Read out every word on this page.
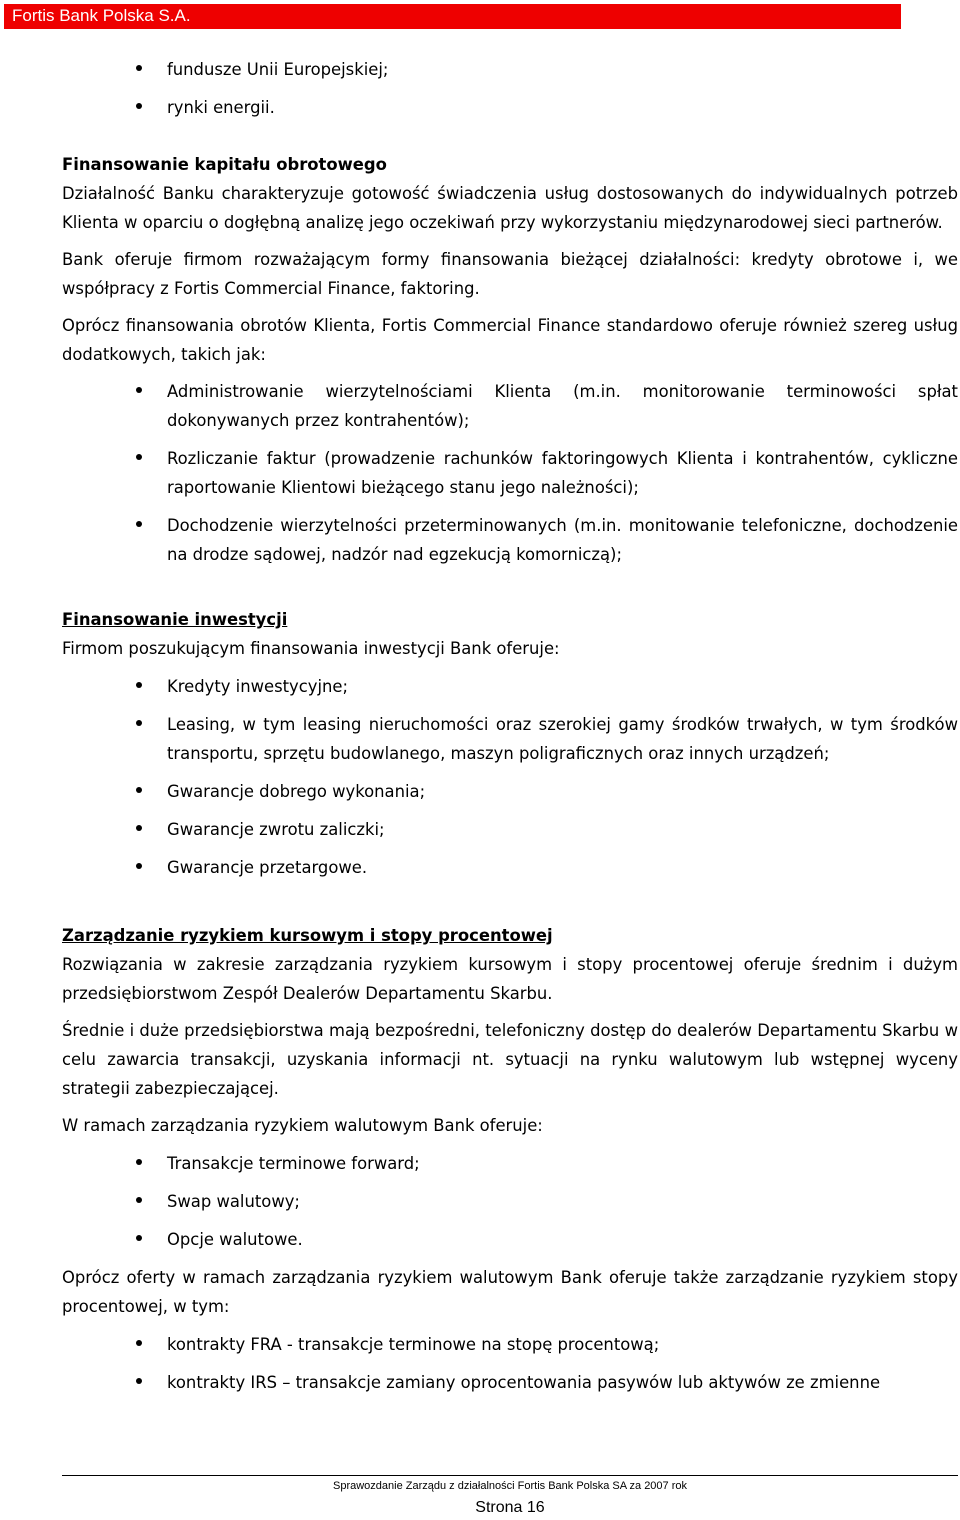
Fortis Bank Polska S.A.
fundusze Unii Europejskiej;
rynki energii.

Finansowanie kapitału obrotowego

Działalność Banku charakteryzuje gotowość świadczenia usług dostosowanych do indywidualnych potrzeb Klienta w oparciu o dogłębną analizę jego oczekiwań przy wykorzystaniu międzynarodowej sieci partnerów.

Bank oferuje firmom rozważającym formy finansowania bieżącej działalności: kredyty obrotowe i, we współpracy z Fortis Commercial Finance, faktoring.

Oprócz finansowania obrotów Klienta, Fortis Commercial Finance standardowo oferuje również szereg usług dodatkowych, takich jak:

Administrowanie wierzytelnościami Klienta (m.in. monitorowanie terminowości spłat dokonywanych przez kontrahentów);
Rozliczanie faktur (prowadzenie rachunków faktoringowych Klienta i kontrahentów, cykliczne raportowanie Klientowi bieżącego stanu jego należności);
Dochodzenie wierzytelności przeterminowanych (m.in. monitowanie telefoniczne, dochodzenie na drodze sądowej, nadzór nad egzekucją komorniczą);

Finansowanie inwestycji

Firmom poszukującym finansowania inwestycji Bank oferuje:

Kredyty inwestycyjne;
Leasing, w tym leasing nieruchomości oraz szerokiej gamy środków trwałych, w tym środków transportu, sprzętu budowlanego, maszyn poligraficznych oraz innych urządzeń;
Gwarancje dobrego wykonania;
Gwarancje zwrotu zaliczki;
Gwarancje przetargowe.

Zarządzanie ryzykiem kursowym i stopy procentowej

Rozwiązania w zakresie zarządzania ryzykiem kursowym i stopy procentowej oferuje średnim i dużym przedsiębiorstwom Zespół Dealerów Departamentu Skarbu.

Średnie i duże przedsiębiorstwa mają bezpośredni, telefoniczny dostęp do dealerów Departamentu Skarbu w celu zawarcia transakcji, uzyskania informacji nt. sytuacji na rynku walutowym lub wstępnej wyceny strategii zabezpieczającej.

W ramach zarządzania ryzykiem walutowym Bank oferuje:

Transakcje terminowe forward;
Swap walutowy;
Opcje walutowe.

Oprócz oferty w ramach zarządzania ryzykiem walutowym Bank oferuje także zarządzanie ryzykiem stopy procentowej, w tym:

kontrakty FRA - transakcje terminowe na stopę procentową;
kontrakty IRS – transakcje zamiany oprocentowania pasywów lub aktywów ze zmienne
Sprawozdanie Zarządu z działalności Fortis Bank Polska SA za 2007 rok
Strona 16
